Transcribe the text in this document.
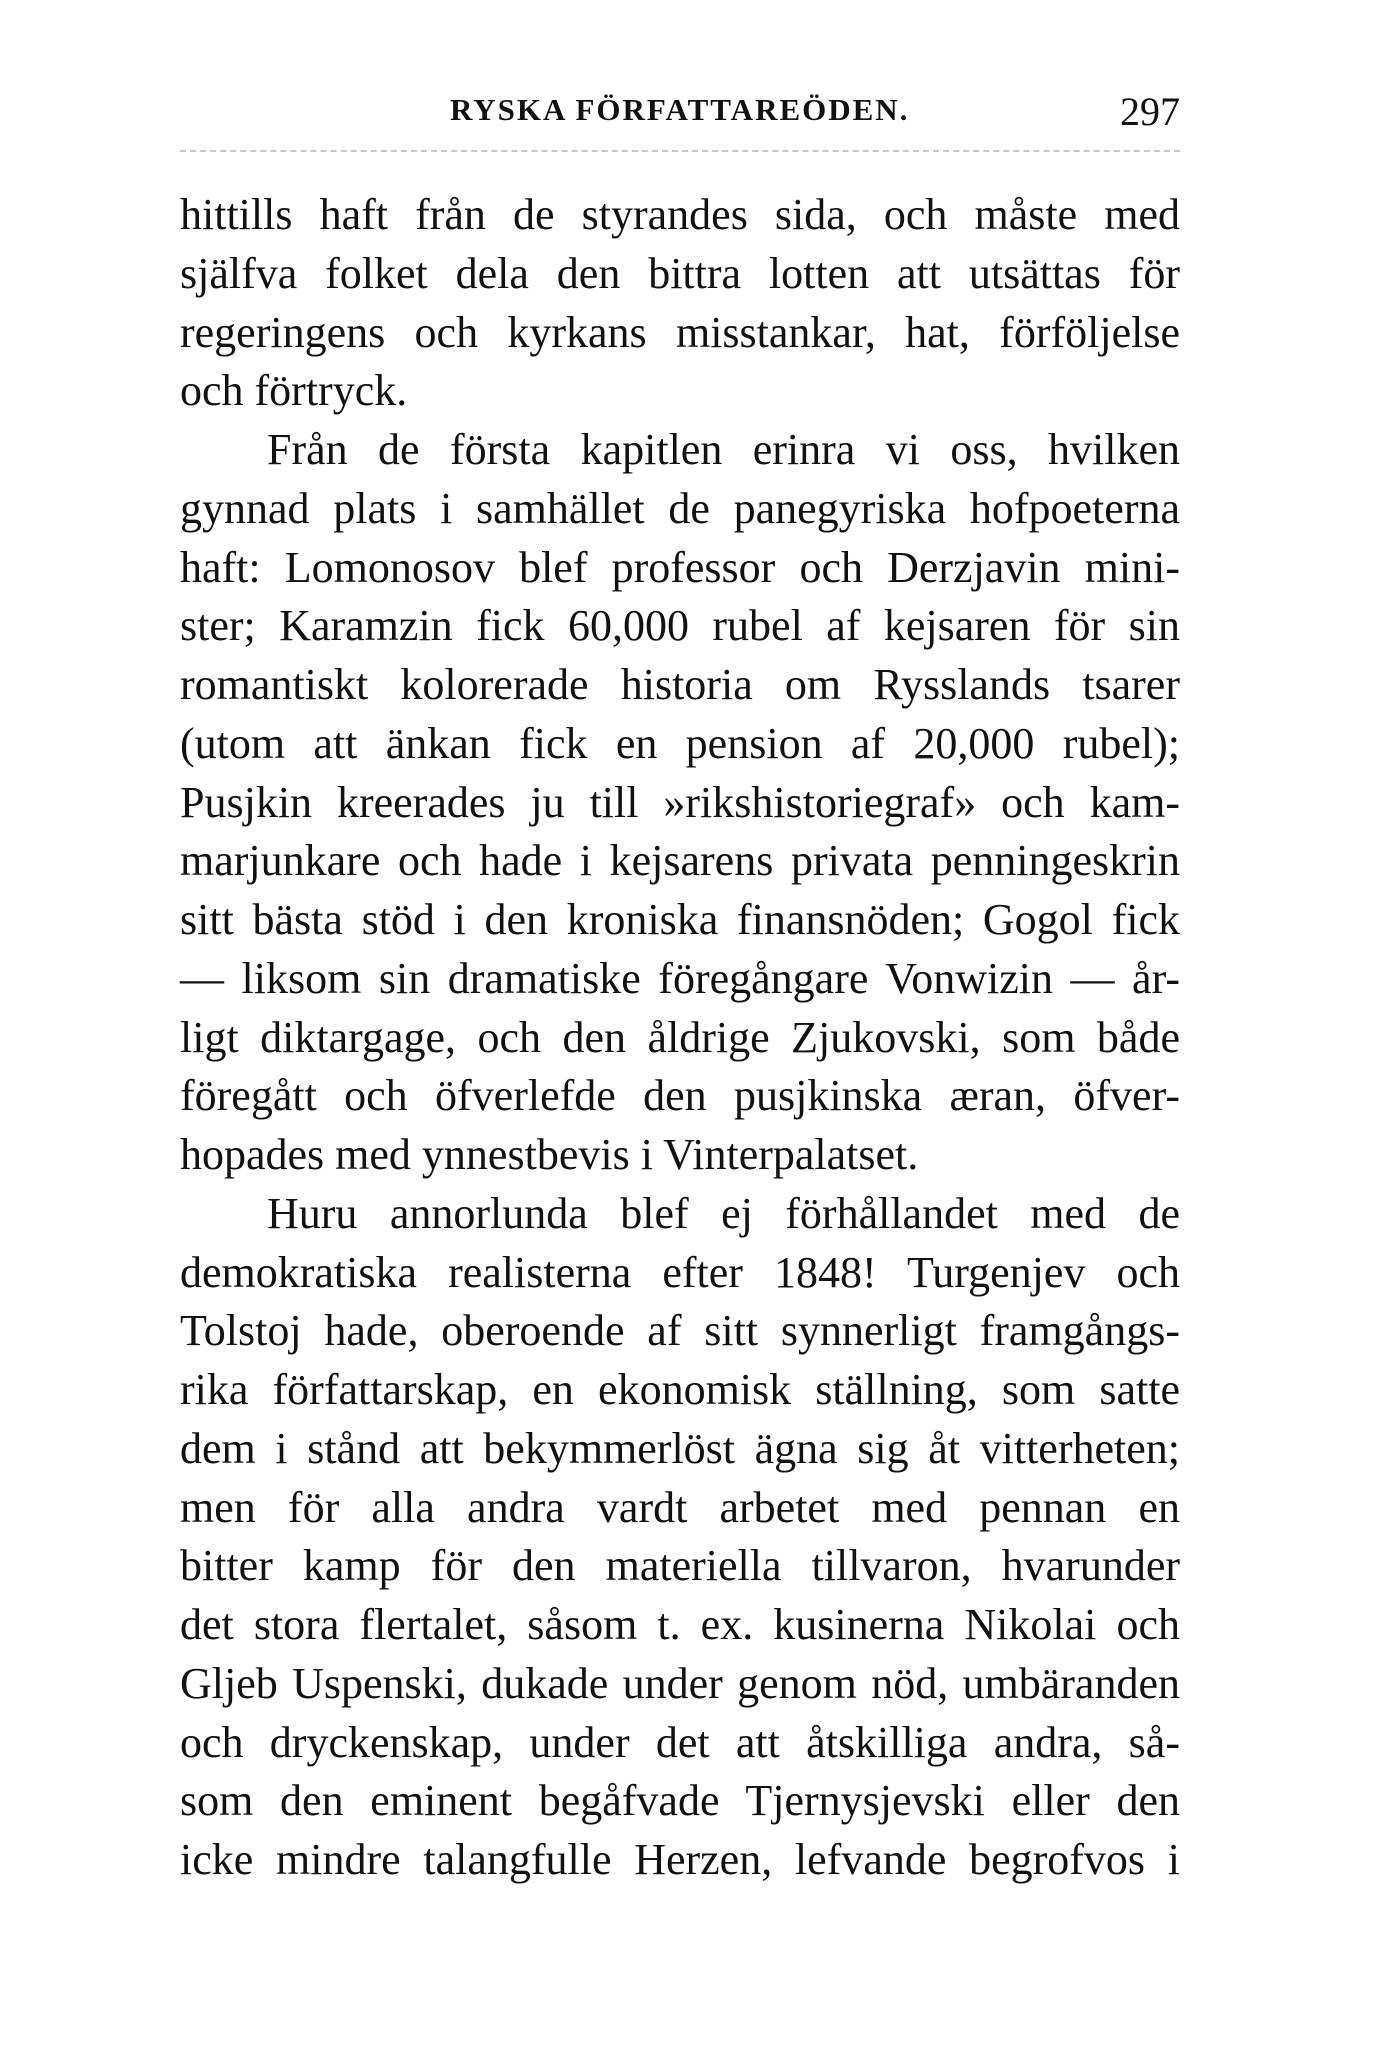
RYSKA FÖRFATTAREÖDEN.	297
hittills haft från de styrandes sida, och måste med
själfva folket dela den bittra lotten att utsättas för
regeringens och kyrkans misstankar, hat, förföljelse
och förtryck.
Från de första kapitlen erinra vi oss, hvilken
gynnad plats i samhället de panegyriska hofpoeterna
haft: Lomonosov blef professor och Derzjavin mini-
ster; Karamzin fick 60,000 rubel af kejsaren för sin
romantiskt kolorerade historia om Rysslands tsarer
(utom att änkan fick en pension af 20,000 rubel);
Pusjkin kreerades ju till »rikshistoriegraf» och kam-
marjunkare och hade i kejsarens privata penningeskrin
sitt bästa stöd i den kroniska finansnöden; Gogol fick
— liksom sin dramatiske föregångare Vonwizin — år-
ligt diktargage, och den åldrige Zjukovski, som både
föregått och öfverlefde den pusjkinska æran, öfver-
hopades med ynnestbevis i Vinterpalatset.
Huru annorlunda blef ej förhållandet med de
demokratiska realisterna efter 1848! Turgenjev och
Tolstoj hade, oberoende af sitt synnerligt framgångs-
rika författarskap, en ekonomisk ställning, som satte
dem i stånd att bekymmerlöst ägna sig åt vitterheten;
men för alla andra vardt arbetet med pennan en
bitter kamp för den materiella tillvaron, hvarunder
det stora flertalet, såsom t. ex. kusinerna Nikolai och
Gljeb Uspenski, dukade under genom nöd, umbäranden
och dryckenskap, under det att åtskilliga andra, så-
som den eminent begåfvade Tjernysjevski eller den
icke mindre talangfulle Herzen, lefvande begrofvos i
